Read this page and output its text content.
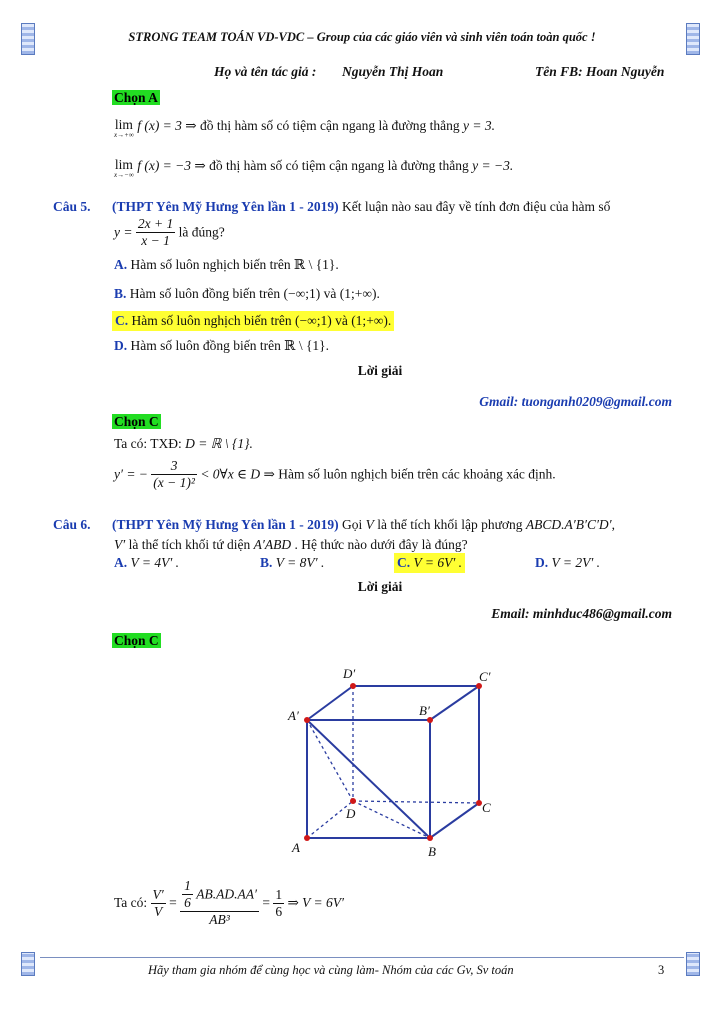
STRONG TEAM TOÁN VD-VDC – Group của các giáo viên và sinh viên toán toàn quốc !
Họ và tên tác giả : Nguyễn Thị Hoan	Tên FB: Hoan Nguyễn
Chọn A
lim
x→+∞
f (x) = 3 ⇒ đồ thị hàm số có tiệm cận ngang là đường thẳng y = 3.
lim
x→−∞
f (x) = −3 ⇒ đồ thị hàm số có tiệm cận ngang là đường thẳng y = −3.
Câu 5. (THPT Yên Mỹ Hưng Yên lần 1 - 2019) Kết luận nào sau đây về tính đơn điệu của hàm số
$y = \frac{2x + 1}{x - 1}$ là đúng?
A. Hàm số luôn nghịch biến trên ℝ \ {1}.
B. Hàm số luôn đồng biến trên (−∞;1) và (1;+∞).
C. Hàm số luôn nghịch biến trên (−∞;1) và (1;+∞).
D. Hàm số luôn đồng biến trên ℝ \ {1}.
Lời giải
Gmail: tuonganh0209@gmail.com
Chọn C
Ta có: TXĐ: D = ℝ \ {1}.
y′ = − $\frac{3}{\text{(x − 1)²}}$ < 0∀x ∈ D ⇒ Hàm số luôn nghịch biến trên các khoảng xác định.
Câu 6. (THPT Yên Mỹ Hưng Yên lần 1 - 2019) Gọi V là thể tích khối lập phương ABCD.A′B′C′D′,
V′ là thể tích khối tứ diện A′ABD . Hệ thức nào dưới đây là đúng?
A. V = 4V′ .	B. V = 8V′ .	C. V = 6V′ .	D. V = 2V′ .
Lời giải
Email: minhduc486@gmail.com
Chọn C
D′	C′
A′	B′
D	C
A	B
Ta có: $\frac{V'}{V} = \frac{\frac{1}{6} AB.AD.AA'}{\text{AB³}} = \frac{1}{6}$ ⇒ V = 6V′
Hãy tham gia nhóm để cùng học và cùng làm- Nhóm của các Gv, Sv toán	3
